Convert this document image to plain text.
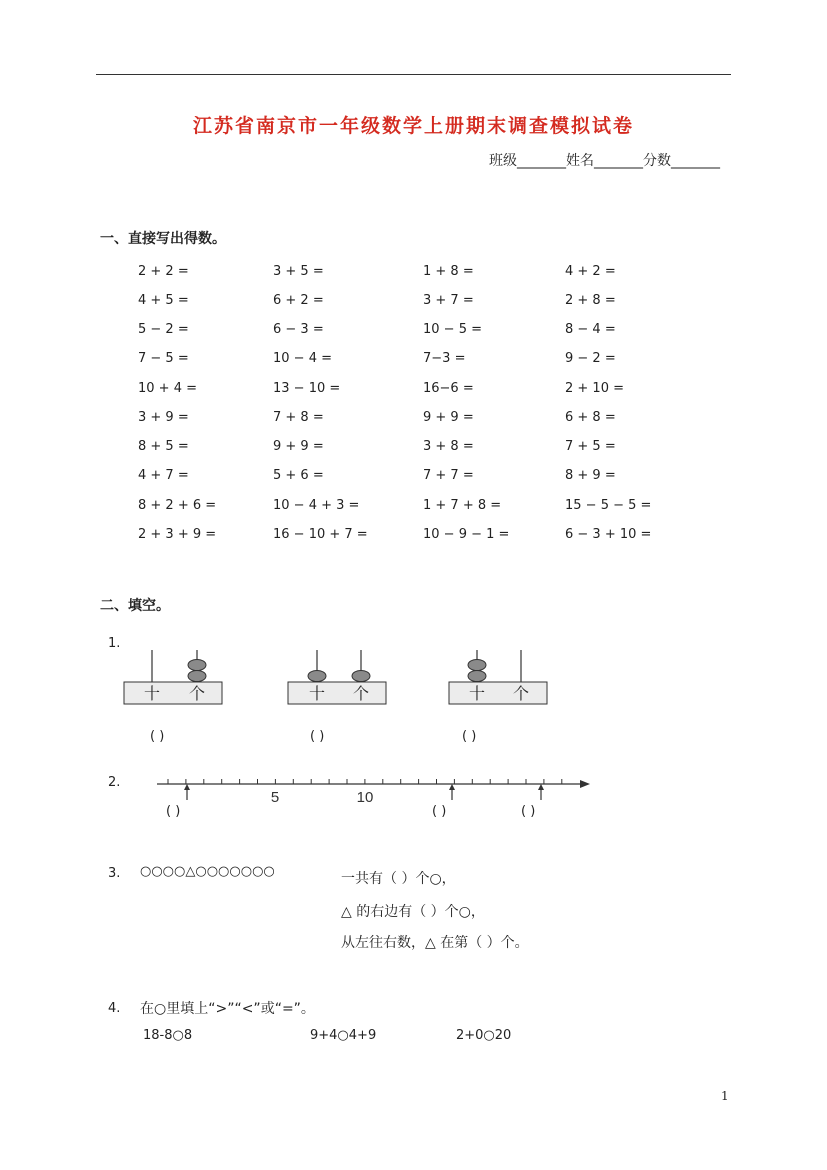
江苏省南京市一年级数学上册期末调查模拟试卷
班级_______姓名_______分数_______
一、直接写出得数。
2 + 2 =	3 + 5 =	1 + 8 =	4 + 2 =
4 + 5 =	6 + 2 =	3 + 7 =	2 + 8 =
5 − 2 =	6 − 3 =	10 − 5 =	8 − 4 =
7 − 5 =	10 − 4 =	7−3 =	9 − 2 =
10 + 4 =	13 − 10 =	16−6 =	2 + 10 =
3 + 9 =	7 + 8 =	9 + 9 =	6 + 8 =
8 + 5 =	9 + 9 =	3 + 8 =	7 + 5 =
4 + 7 =	5 + 6 =	7 + 7 =	8 + 9 =
8 + 2 + 6 =	10 − 4 + 3 =	1 + 7 + 8 =	15 − 5 − 5 =
2 + 3 + 9 =	16 − 10 + 7 =	10 − 9 − 1 =	6 − 3 + 10 =
二、填空。
1.
十 个	十 个	十 个
( )	( )	( )
2.
5	10
( )	( )	( )
3. ○○○○△○○○○○○○	一共有（ ）个○，
△ 的右边有（ ）个○，
从左往右数，△ 在第（ ）个。
4. 在○里填上“>”“<”或“=”。
18-8○8	9+4○4+9	2+0○20
1
